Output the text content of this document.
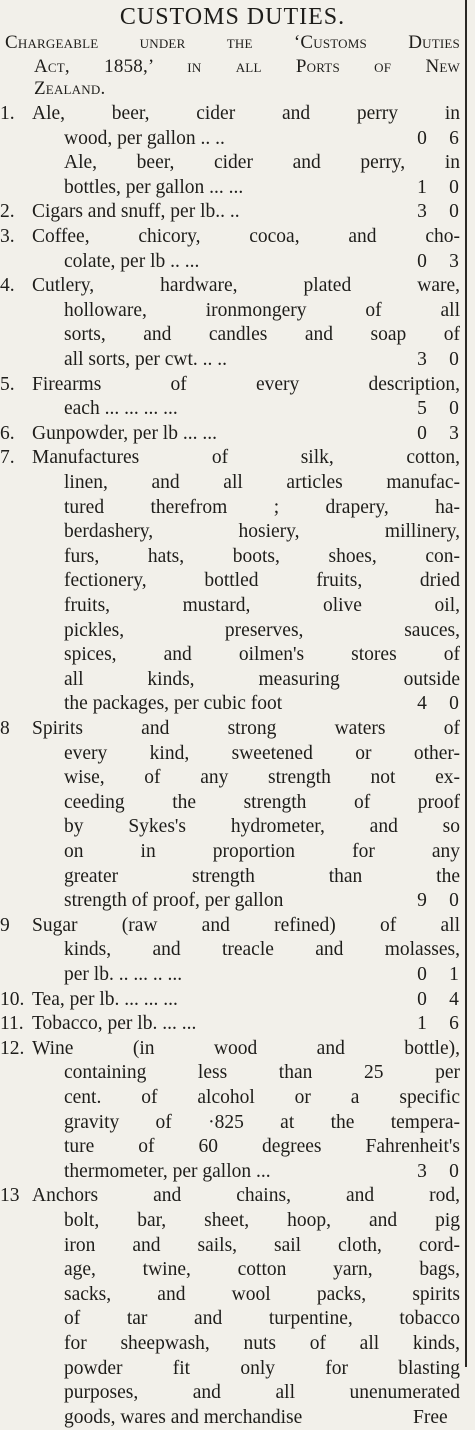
CUSTOMS DUTIES.
Chargeable under the ‘Customs Duties
Act, 1858,’ in all Ports of New
Zealand.
1. Ale, beer, cider and perry in
wood, per gallon .. ..	0 6
Ale, beer, cider and perry, in
bottles, per gallon ... ...	1 0
2. Cigars and snuff, per lb.. ..	3 0
3. Coffee, chicory, cocoa, and cho-
colate, per lb .. ...	0 3
4. Cutlery, hardware, plated ware,
holloware, ironmongery of all
sorts, and candles and soap of
all sorts, per cwt. .. ..	3 0
5. Firearms of every description,
each ... ... ... ...	5 0
6. Gunpowder, per lb ... ...	0 3
7. Manufactures of silk, cotton,
linen, and all articles manufac-
tured therefrom ; drapery, ha-
berdashery, hosiery, millinery,
furs, hats, boots, shoes, con-
fectionery, bottled fruits, dried
fruits, mustard, olive oil,
pickles, preserves, sauces,
spices, and oilmen's stores of
all kinds, measuring outside
the packages, per cubic foot	4 0
8 Spirits and strong waters of
every kind, sweetened or other-
wise, of any strength not ex-
ceeding the strength of proof
by Sykes's hydrometer, and so
on in proportion for any
greater strength than the
strength of proof, per gallon	9 0
9 Sugar (raw and refined) of all
kinds, and treacle and molasses,
per lb. .. ... .. ...	0 1
10. Tea, per lb. ... ... ...	0 4
11. Tobacco, per lb. ... ...	1 6
12. Wine (in wood and bottle),
containing less than 25 per
cent. of alcohol or a specific
gravity of ·825 at the tempera-
ture of 60 degrees Fahrenheit's
thermometer, per gallon ...	3 0
13 Anchors and chains, and rod,
bolt, bar, sheet, hoop, and pig
iron and sails, sail cloth, cord-
age, twine, cotton yarn, bags,
sacks, and wool packs, spirits
of tar and turpentine, tobacco
for sheepwash, nuts of all kinds,
powder fit only for blasting
purposes, and all unenumerated
goods, wares and merchandise	Free
